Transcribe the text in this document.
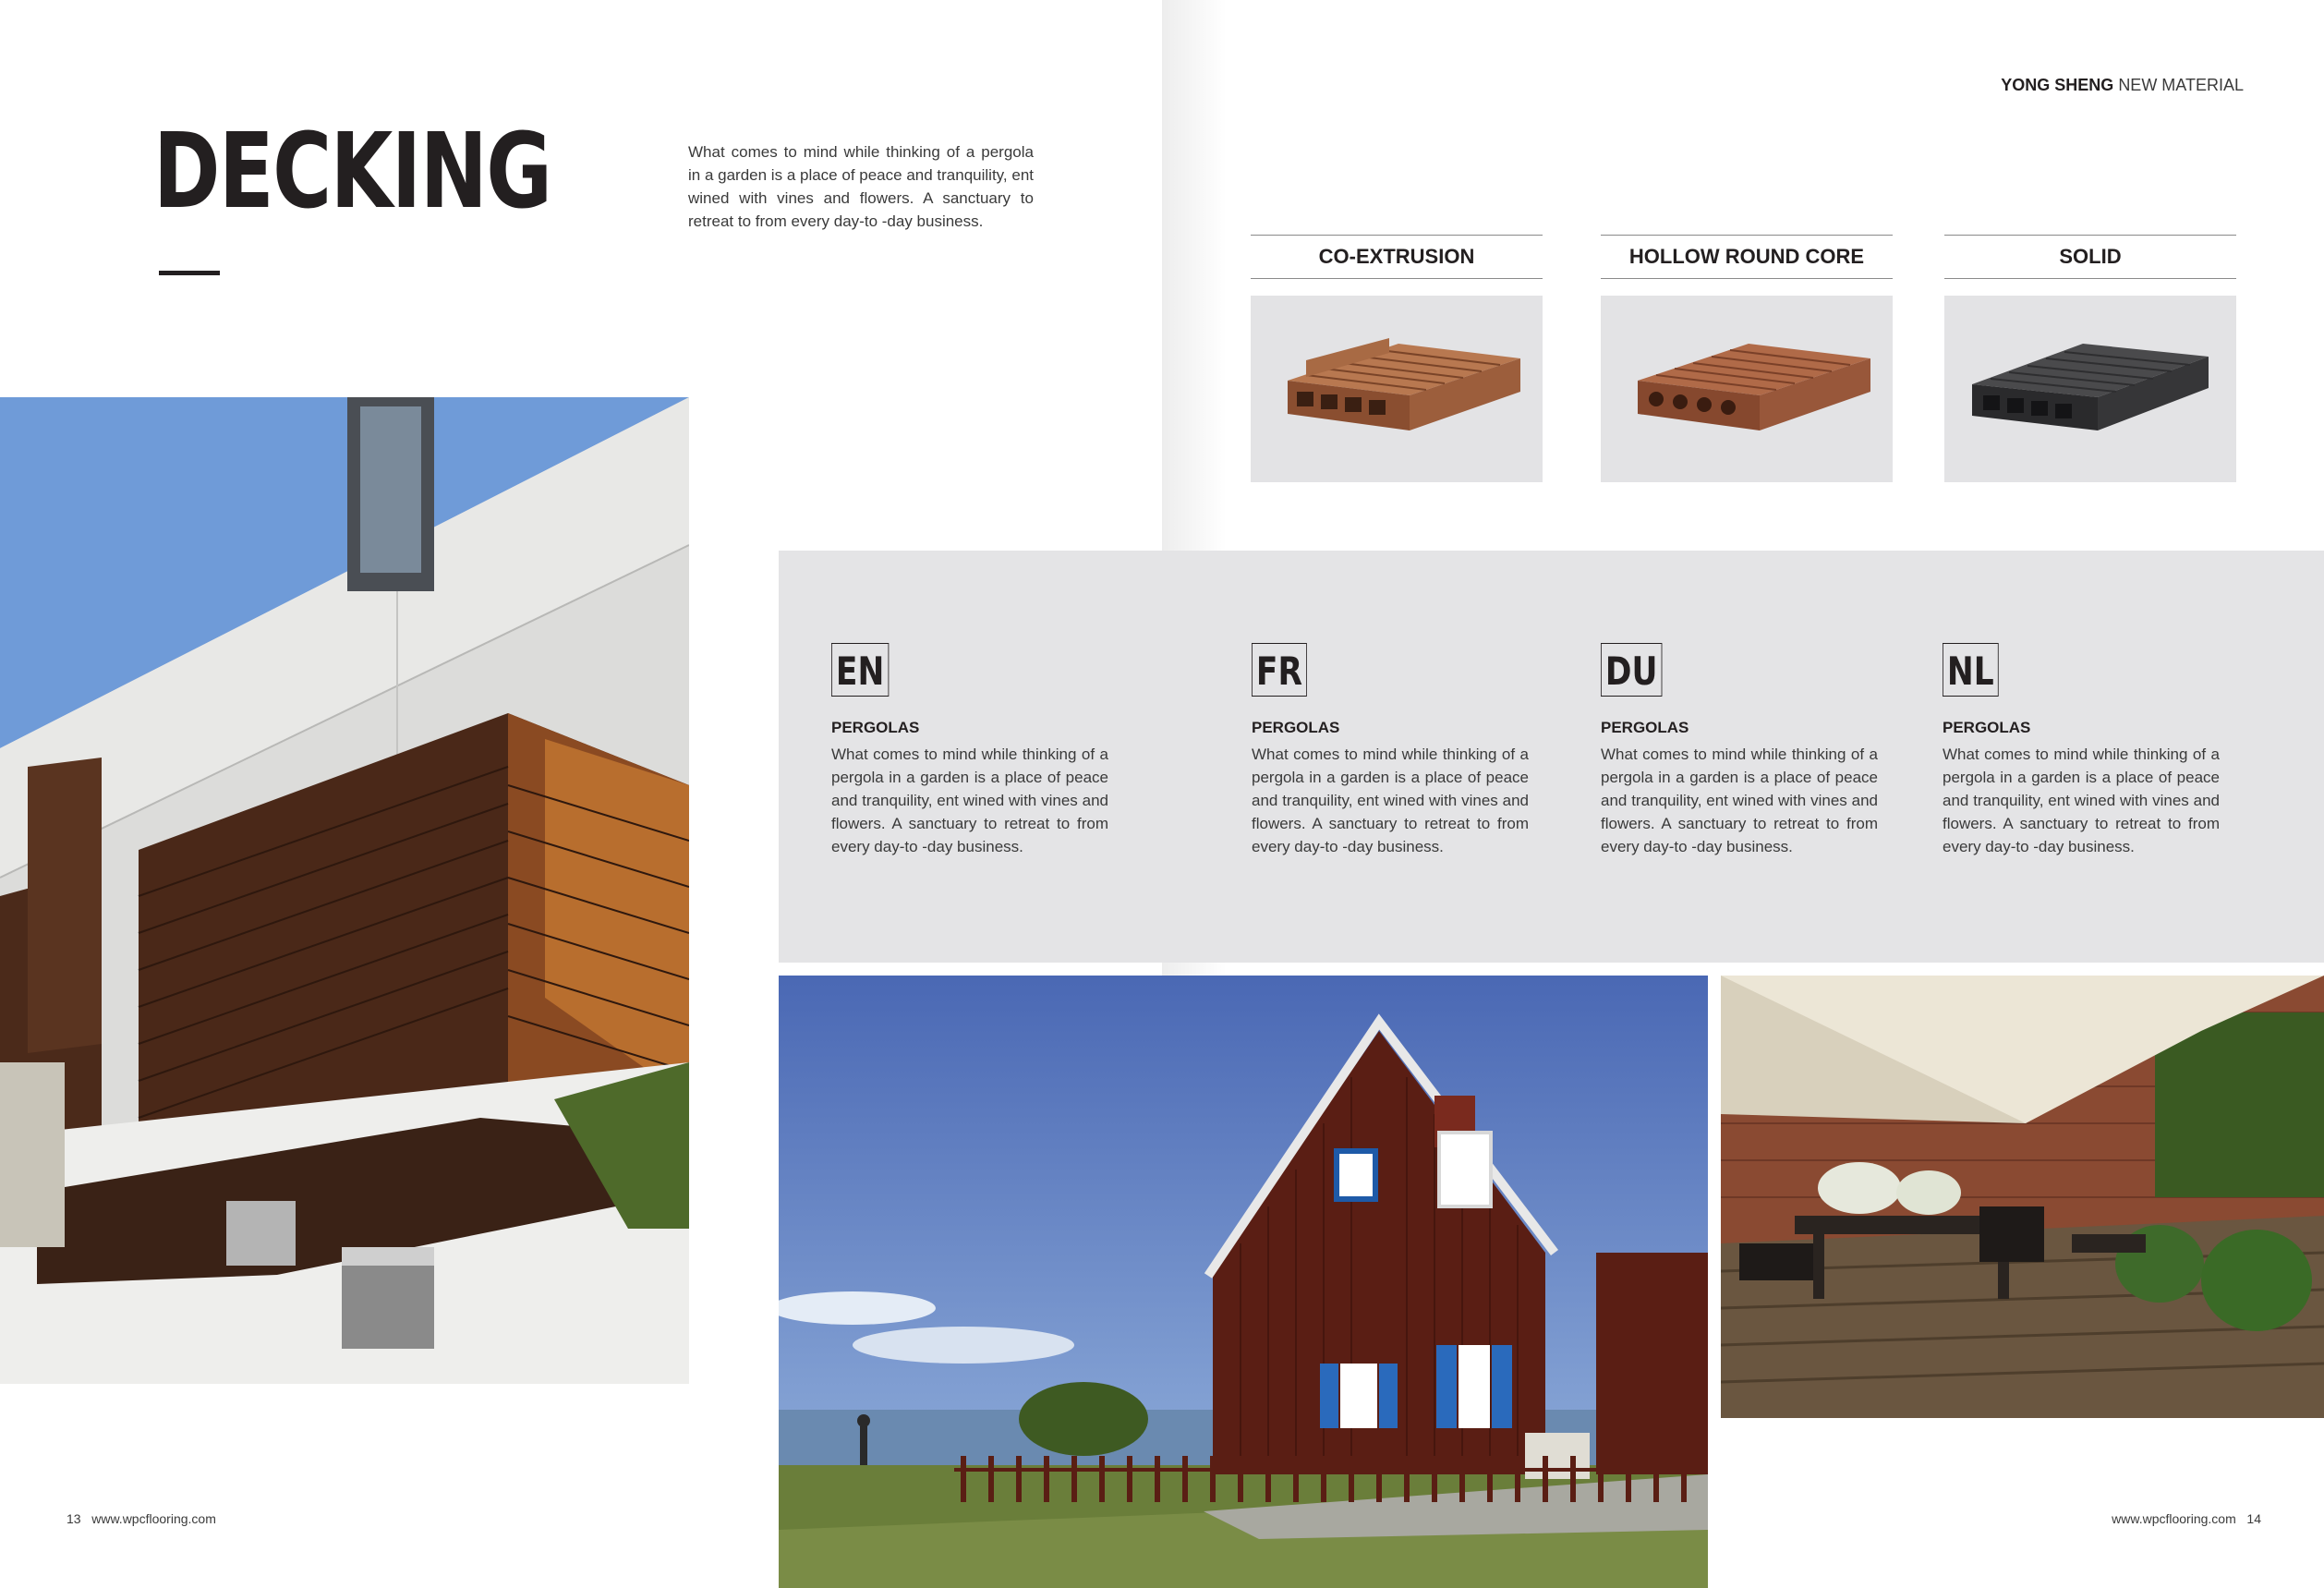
DECKING	What comes to mind while thinking of a pergola in a garden is a place of peace and tranquility, ent wined with vines and flowers. A sanctuary to retreat to from every day-to -day business.
YONG SHENG NEW MATERIAL
CO-EXTRUSION	HOLLOW ROUND CORE	SOLID
EN
PERGOLAS
What comes to mind while thinking of a pergola in a garden is a place of peace and tranquility, ent wined with vines and flowers. A sanctuary to retreat to from every day-to -day business.
FR
PERGOLAS
What comes to mind while thinking of a pergola in a garden is a place of peace and tranquility, ent wined with vines and flowers. A sanctuary to retreat to from every day-to -day business.
DU
PERGOLAS
What comes to mind while thinking of a pergola in a garden is a place of peace and tranquility, ent wined with vines and flowers. A sanctuary to retreat to from every day-to -day business.
NL
PERGOLAS
What comes to mind while thinking of a pergola in a garden is a place of peace and tranquility, ent wined with vines and flowers. A sanctuary to retreat to from every day-to -day business.
13 www.wpcflooring.com	www.wpcflooring.com 14
